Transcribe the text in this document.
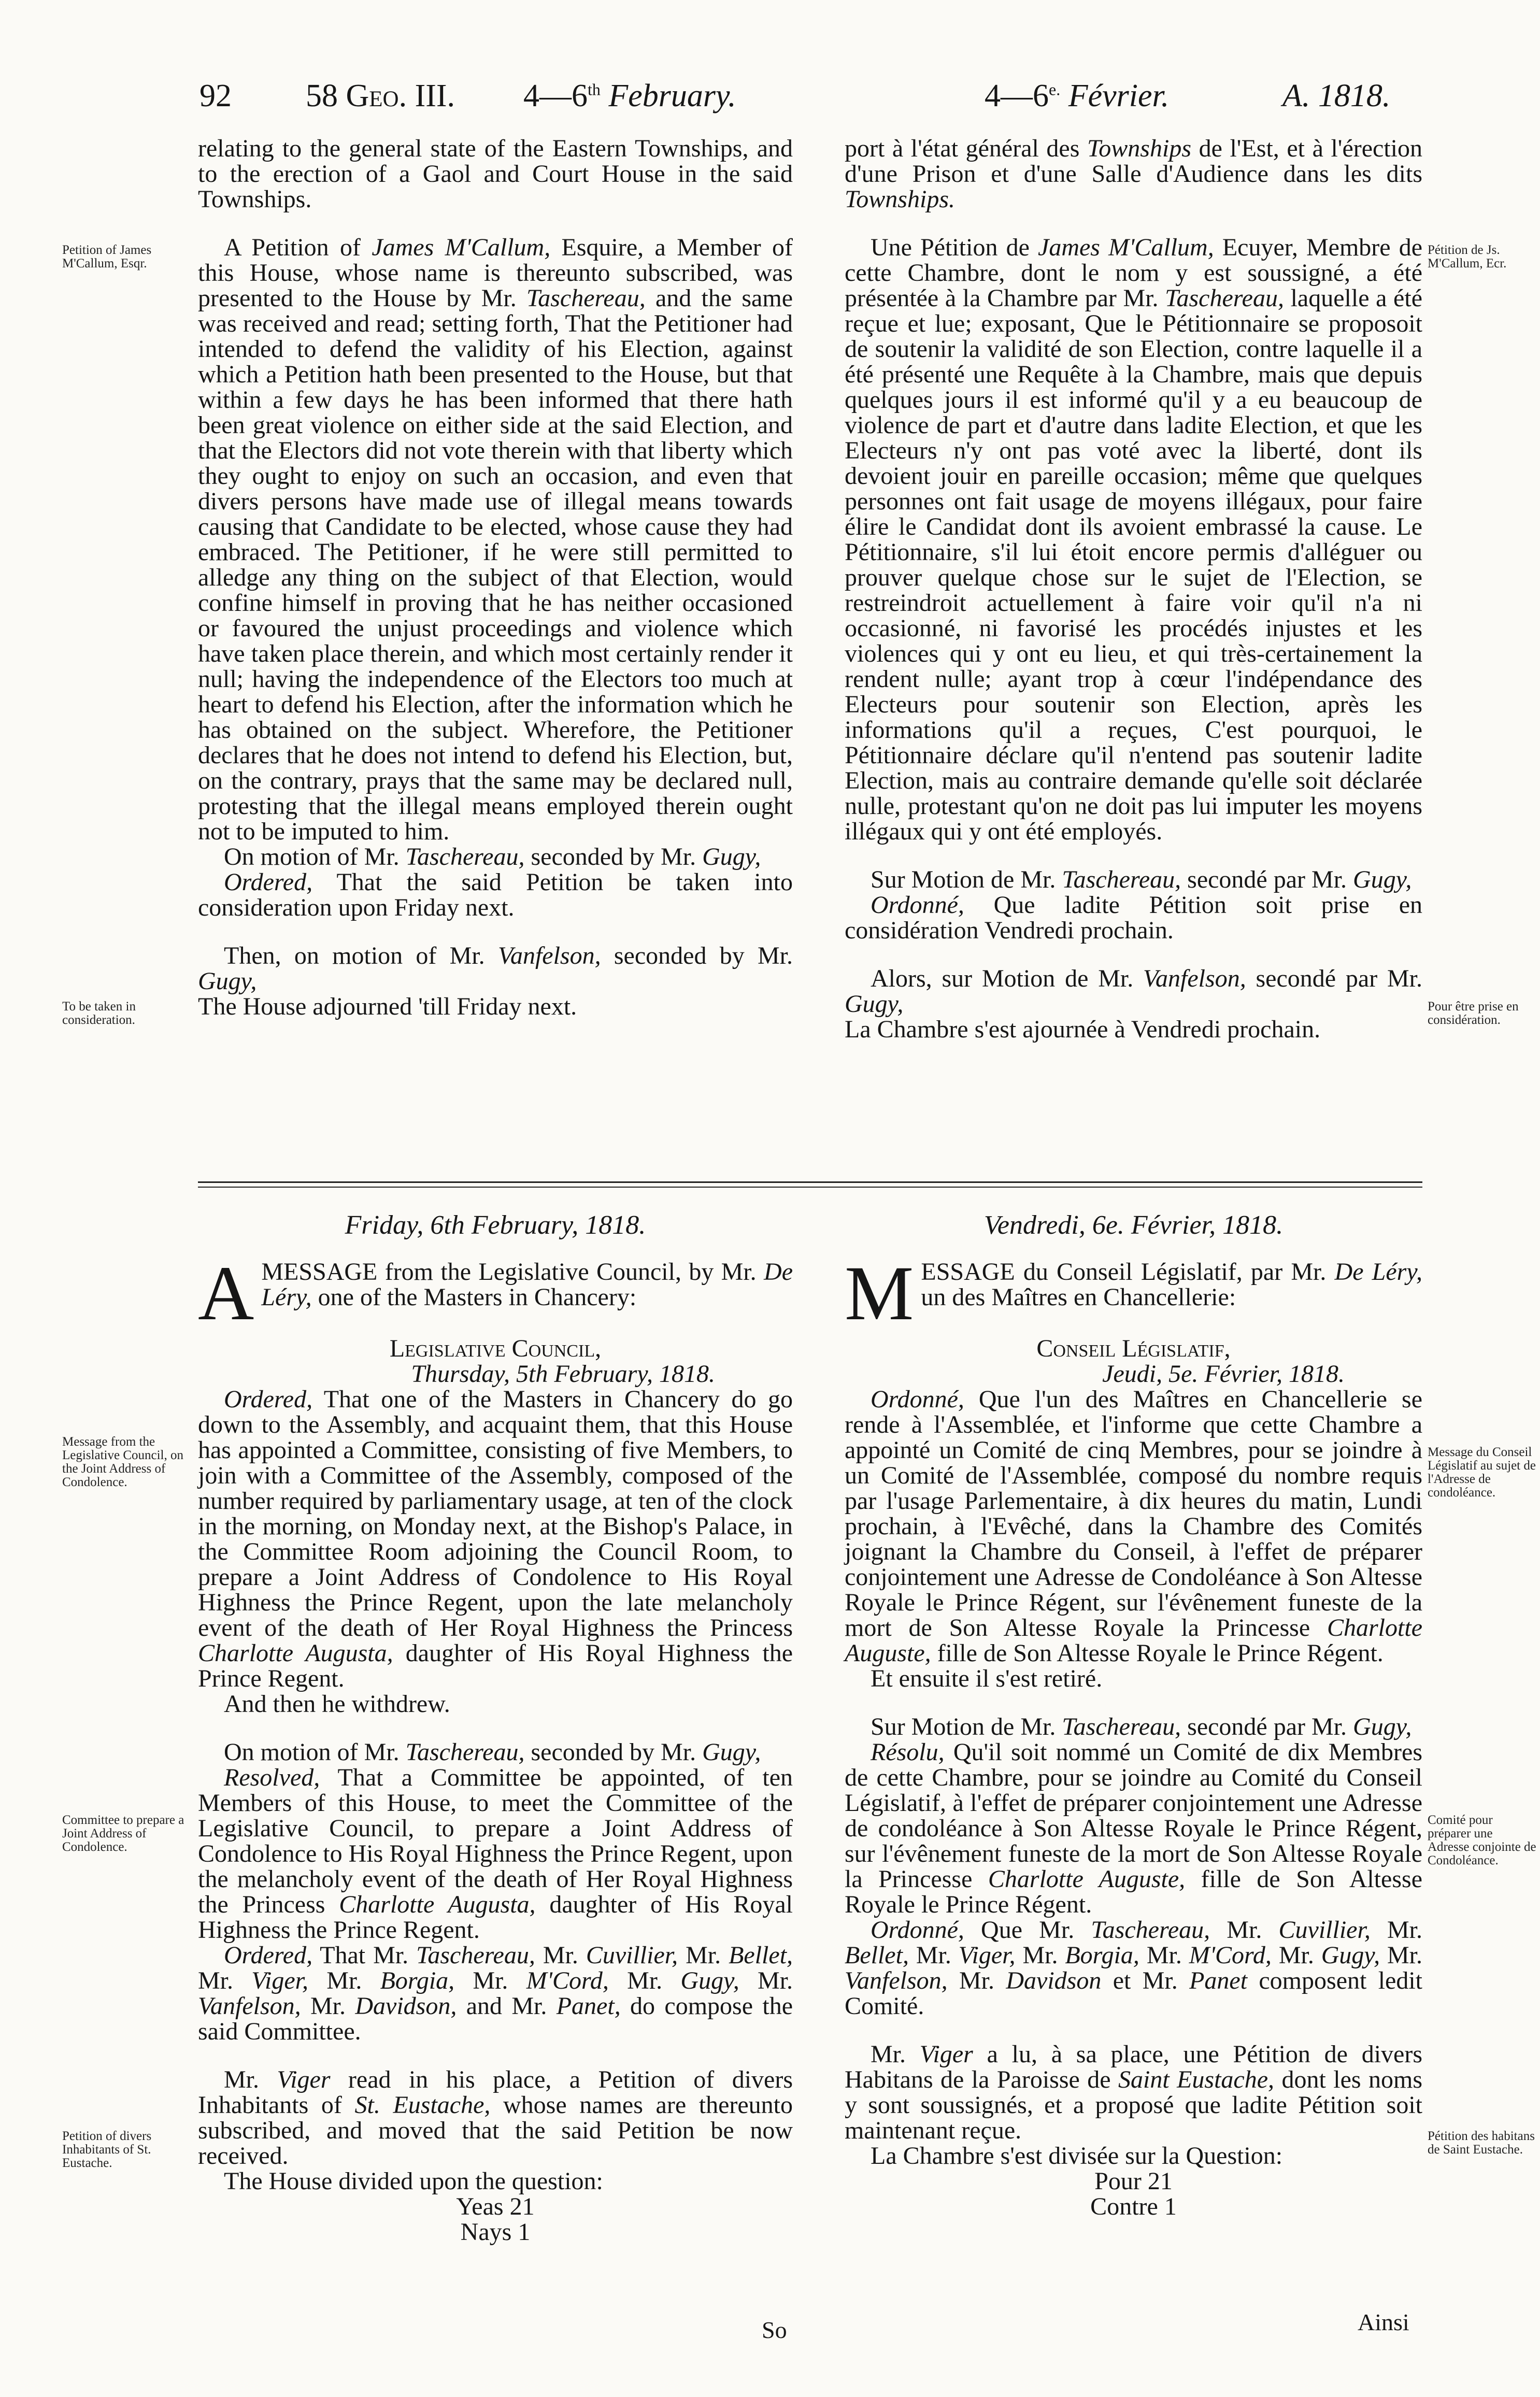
92 58 Geo. III. 4—6th February.	$4—6^{e.}$ Février.	A. 1818.

relating to the general state of the Eastern Townships, and to the erection of a Gaol and Court House in the said Townships.

A Petition of James M'Callum, Esquire, a Member of this House, whose name is thereunto subscribed, was presented to the House by Mr. Taschereau, and the same was received and read; setting forth, That the Petitioner had intended to defend the validity of his Election, against which a Petition hath been presented to the House, but that within a few days he has been informed that there hath been great violence on either side at the said Election, and that the Electors did not vote therein with that liberty which they ought to enjoy on such an occasion, and even that divers persons have made use of illegal means towards causing that Candidate to be elected, whose cause they had embraced. The Petitioner, if he were still permitted to alledge any thing on the subject of that Election, would confine himself in proving that he has neither occasioned or favoured the unjust proceedings and violence which have taken place therein, and which most certainly render it null; having the independence of the Electors too much at heart to defend his Election, after the information which he has obtained on the subject. Wherefore, the Petitioner declares that he does not intend to defend his Election, but, on the contrary, prays that the same may be declared null, protesting that the illegal means employed therein ought not to be imputed to him.

On motion of Mr. Taschereau, seconded by Mr. Gugy,

Ordered, That the said Petition be taken into consideration upon Friday next.

Then, on motion of Mr. Vanfelson, seconded by Mr. Gugy,

The House adjourned 'till Friday next.

port à l'état général des Townships de l'Est, et à l'érection d'une Prison et d'une Salle d'Audience dans les dits Townships.

Une Pétition de James M'Callum, Ecuyer, Membre de cette Chambre, dont le nom y est soussigné, a été présentée à la Chambre par Mr. Taschereau, laquelle a été reçue et lue; exposant, Que le Pétitionnaire se proposoit de soutenir la validité de son Election, contre laquelle il a été présenté une Requête à la Chambre, mais que depuis quelques jours il est informé qu'il y a eu beaucoup de violence de part et d'autre dans ladite Election, et que les Electeurs n'y ont pas voté avec la liberté, dont ils devoient jouir en pareille occasion; même que quelques personnes ont fait usage de moyens illégaux, pour faire élire le Candidat dont ils avoient embrassé la cause. Le Pétitionnaire, s'il lui étoit encore permis d'alléguer ou prouver quelque chose sur le sujet de l'Election, se restreindroit actuellement à faire voir qu'il n'a ni occasionné, ni favorisé les procédés injustes et les violences qui y ont eu lieu, et qui très-certainement la rendent nulle; ayant trop à cœur l'indépendance des Electeurs pour soutenir son Election, après les informations qu'il a reçues, C'est pourquoi, le Pétitionnaire déclare qu'il n'entend pas soutenir ladite Election, mais au contraire demande qu'elle soit déclarée nulle, protestant qu'on ne doit pas lui imputer les moyens illégaux qui y ont été employés.

Sur Motion de Mr. Taschereau, secondé par Mr. Gugy,

Ordonné, Que ladite Pétition soit prise en considération Vendredi prochain.

Alors, sur Motion de Mr. Vanfelson, secondé par Mr. Gugy,

La Chambre s'est ajournée à Vendredi prochain.

Friday, 6th February, 1818.	Vendredi, 6e. Février, 1818.

A MESSAGE from the Legislative Council, by Mr. De Léry, one of the Masters in Chancery:

Legislative Council,

Thursday, 5th February, 1818.

Ordered, That one of the Masters in Chancery do go down to the Assembly, and acquaint them, that this House has appointed a Committee, consisting of five Members, to join with a Committee of the Assembly, composed of the number required by parliamentary usage, at ten of the clock in the morning, on Monday next, at the Bishop's Palace, in the Committee Room adjoining the Council Room, to prepare a Joint Address of Condolence to His Royal Highness the Prince Regent, upon the late melancholy event of the death of Her Royal Highness the Princess Charlotte Augusta, daughter of His Royal Highness the Prince Regent.

And then he withdrew.

On motion of Mr. Taschereau, seconded by Mr. Gugy,

Resolved, That a Committee be appointed, of ten Members of this House, to meet the Committee of the Legislative Council, to prepare a Joint Address of Condolence to His Royal Highness the Prince Regent, upon the melancholy event of the death of Her Royal Highness the Princess Charlotte Augusta, daughter of His Royal Highness the Prince Regent.

Ordered, That Mr. Taschereau, Mr. Cuvillier, Mr. Bellet, Mr. Viger, Mr. Borgia, Mr. M'Cord, Mr. Gugy, Mr. Vanfelson, Mr. Davidson, and Mr. Panet, do compose the said Committee.

Mr. Viger read in his place, a Petition of divers Inhabitants of St. Eustache, whose names are thereunto subscribed, and moved that the said Petition be now received.

The House divided upon the question:

Yeas 21

Nays 1

MESSAGE du Conseil Législatif, par Mr. De Léry, un des Maîtres en Chancellerie:

Conseil Législatif,

Jeudi, 5e. Février, 1818.

Ordonné, Que l'un des Maîtres en Chancellerie se rende à l'Assemblée, et l'informe que cette Chambre a appointé un Comité de cinq Membres, pour se joindre à un Comité de l'Assemblée, composé du nombre requis par l'usage Parlementaire, à dix heures du matin, Lundi prochain, à l'Evêché, dans la Chambre des Comités joignant la Chambre du Conseil, à l'effet de préparer conjointement une Adresse de Condoléance à Son Altesse Royale le Prince Régent, sur l'évênement funeste de la mort de Son Altesse Royale la Princesse Charlotte Auguste, fille de Son Altesse Royale le Prince Régent.

Et ensuite il s'est retiré.

Sur Motion de Mr. Taschereau, secondé par Mr. Gugy,

Résolu, Qu'il soit nommé un Comité de dix Membres de cette Chambre, pour se joindre au Comité du Conseil Législatif, à l'effet de préparer conjointement une Adresse de condoléance à Son Altesse Royale le Prince Régent, sur l'évênement funeste de la mort de Son Altesse Royale la Princesse Charlotte Auguste, fille de Son Altesse Royale le Prince Régent.

Ordonné, Que Mr. Taschereau, Mr. Cuvillier, Mr. Bellet, Mr. Viger, Mr. Borgia, Mr. M'Cord, Mr. Gugy, Mr. Vanfelson, Mr. Davidson et Mr. Panet composent ledit Comité.

Mr. Viger a lu, à sa place, une Pétition de divers Habitans de la Paroisse de Saint Eustache, dont les noms y sont soussignés, et a proposé que ladite Pétition soit maintenant reçue.

La Chambre s'est divisée sur la Question:

Pour 21

Contre 1

So	Ainsi
Petition of James M'Callum, Esqr.
To be taken in consideration.
Message from the Legislative Council, on the Joint Address of Condolence.
Committee to prepare a Joint Address of Condolence.
Petition of divers Inhabitants of St. Eustache.
Pétition de Js. M'Callum, Ecr.
Pour être prise en considération.
Message du Conseil Législatif au sujet de l'Adresse de condoléance.
Comité pour préparer une Adresse conjointe de Condoléance.
Pétition des habitans de Saint Eustache.
